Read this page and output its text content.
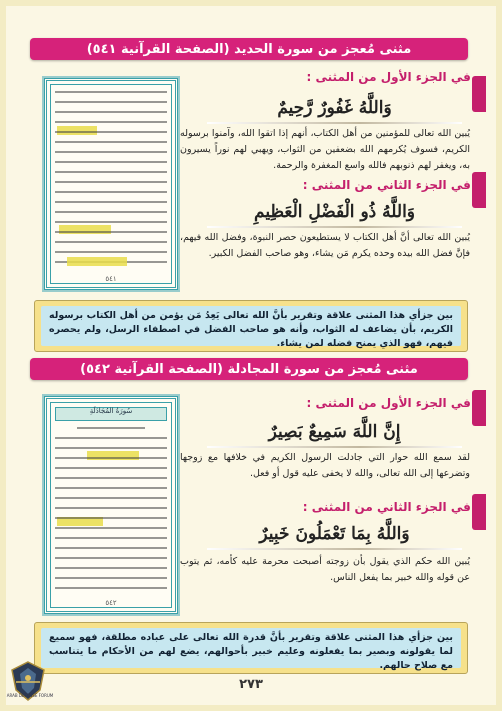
مثنى مُعجز من سورة الحديد (الصفحة القرآنية ٥٤١)
٥٤١
- في الجزء الأول من المثنى :
وَاللَّهُ غَفُورٌ رَّحِيمٌ
يُبين الله تعالى للمؤمنين من أهل الكتاب، أنهم إذا اتقوا الله، وآمنوا برسوله الكريم، فسوف يُكرمهم الله بضعفين من الثواب، ويهبي لهم نوراً يسيرون به، ويغفر لهم ذنوبهم فالله واسع المغفرة والرحمة.
- في الجزء الثاني من المثنى :
وَاللَّهُ ذُو الْفَضْلِ الْعَظِيمِ
يُبين الله تعالى أنَّ أهل الكتاب لا يستطيعون حصر النبوة، وفضل الله فيهم، فإنَّ فضل الله بيده وحده يكرم مَن يشاء، وهو صاحب الفضل الكبير.
بين جزأي هذا المثنى علاقة وتقرير بأنَّ الله تعالى يَعِدُ مَن يؤمن من أهل الكتاب برسوله الكريم، بأن يضاعف له الثواب، وأنه هو صاحب الفضل في اصطفاء الرسل، ولم يحصره فيهم، فهو الذي يمنح فضله لمن يشاء.
مثنى مُعجز من سورة المجادلة (الصفحة القرآنية ٥٤٢)
سُورَةُ المُجَادَلَةِ
٥٤٢
- في الجزء الأول من المثنى :
إِنَّ اللَّهَ سَمِيعٌ بَصِيرٌ
لقد سمع الله حوار التي جادلت الرسول الكريم في خلافها مع زوجها وتضرعها إلى الله تعالى، والله لا يخفى عليه قول أو فعل.
- في الجزء الثاني من المثنى :
وَاللَّهُ بِمَا تَعْمَلُونَ خَبِيرٌ
يُبين الله حكم الذي يقول بأن زوجته أصبحت محرمة عليه كأمه، ثم يتوب عن قوله والله خبير بما يفعل الناس.
بين جزأي هذا المثنى علاقة وتقرير بأنَّ قدرة الله تعالى على عباده مطلقة، فهو سميع لما يقولونه وبصير بما يفعلونه وعليم خبير بأحوالهم، يضع لهم من الأحكام ما يتناسب مع صلاح حالهم.
٢٧٣
ARAB DEFENSE FORUM
